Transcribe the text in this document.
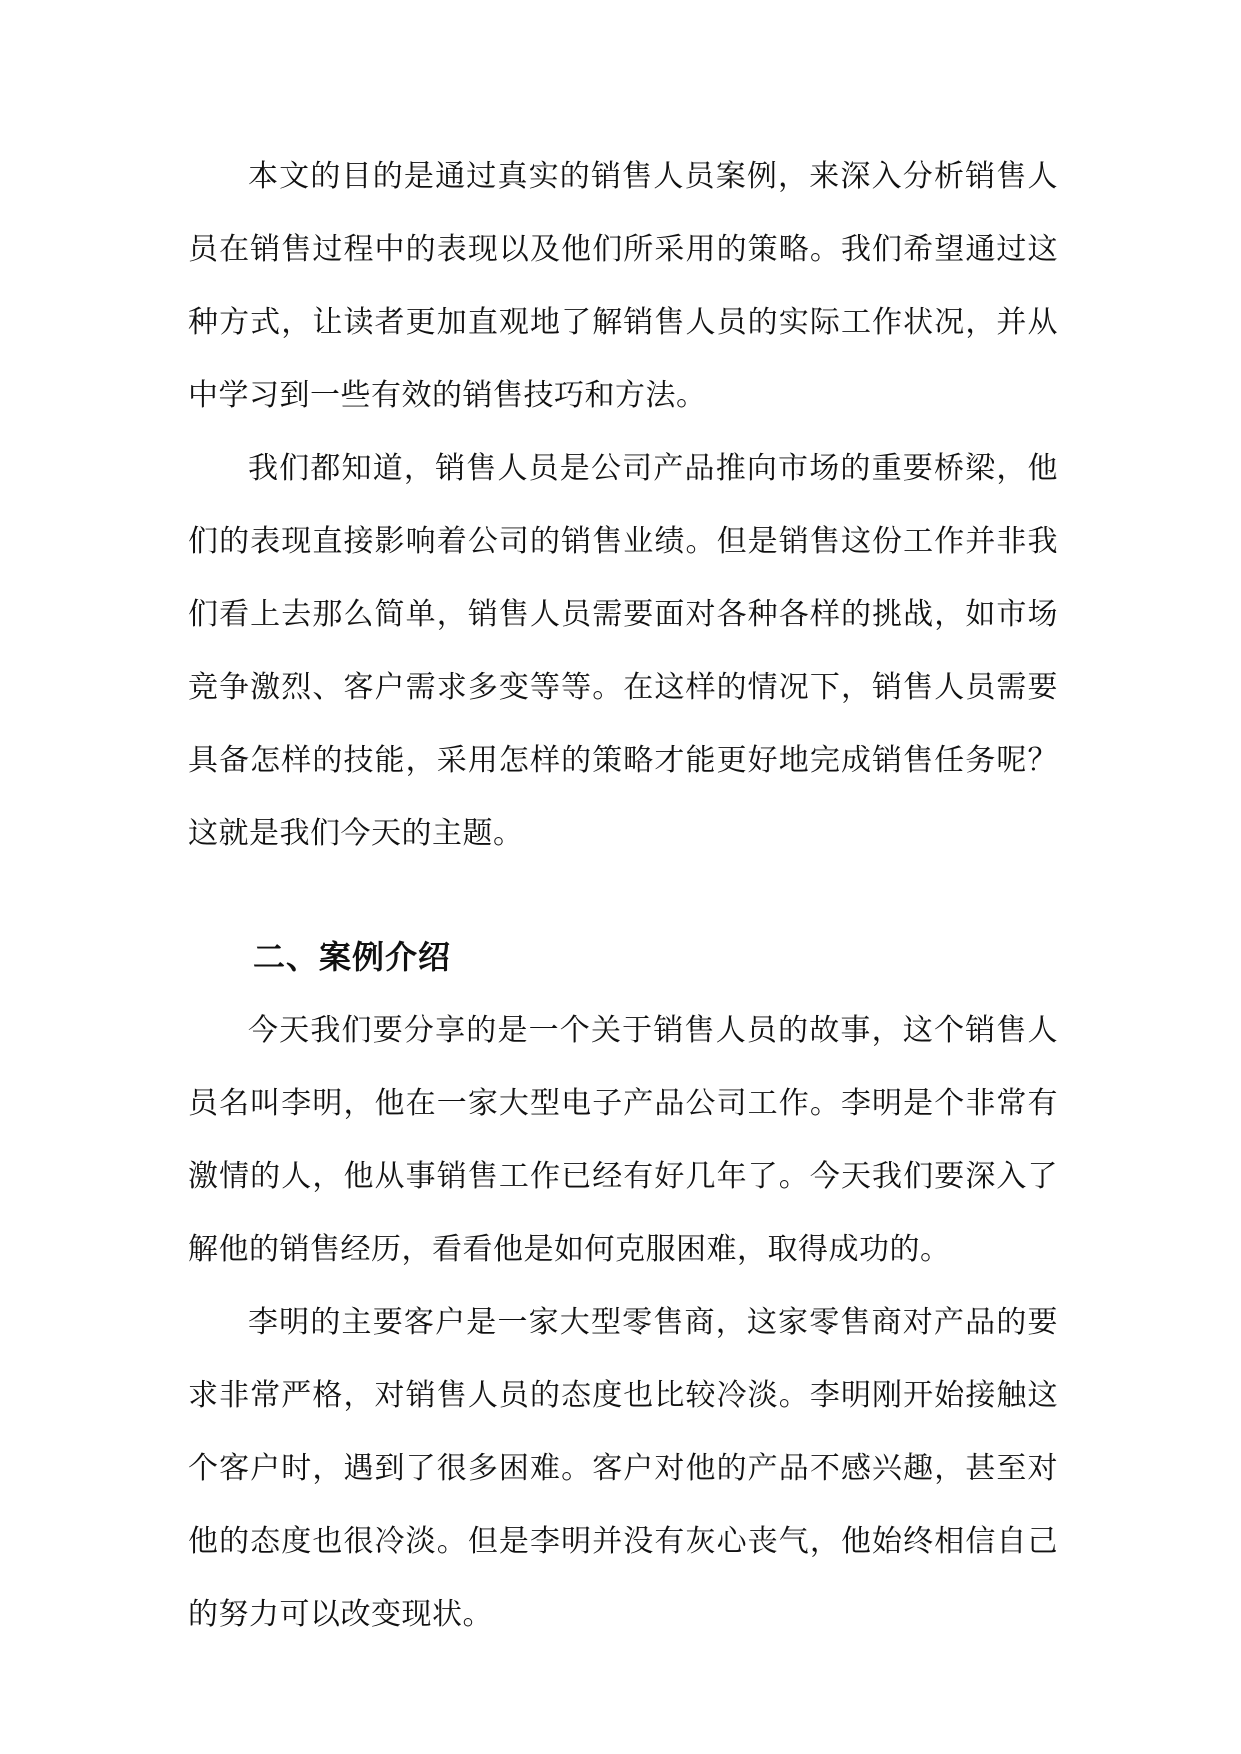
本文的目的是通过真实的销售人员案例，来深入分析销售人员在销售过程中的表现以及他们所采用的策略。我们希望通过这种方式，让读者更加直观地了解销售人员的实际工作状况，并从中学习到一些有效的销售技巧和方法。

我们都知道，销售人员是公司产品推向市场的重要桥梁，他们的表现直接影响着公司的销售业绩。但是销售这份工作并非我们看上去那么简单，销售人员需要面对各种各样的挑战，如市场竞争激烈、客户需求多变等等。在这样的情况下，销售人员需要具备怎样的技能，采用怎样的策略才能更好地完成销售任务呢？这就是我们今天的主题。

二、案例介绍

今天我们要分享的是一个关于销售人员的故事，这个销售人员名叫李明，他在一家大型电子产品公司工作。李明是个非常有激情的人，他从事销售工作已经有好几年了。今天我们要深入了解他的销售经历，看看他是如何克服困难，取得成功的。

李明的主要客户是一家大型零售商，这家零售商对产品的要求非常严格，对销售人员的态度也比较冷淡。李明刚开始接触这个客户时，遇到了很多困难。客户对他的产品不感兴趣，甚至对他的态度也很冷淡。但是李明并没有灰心丧气，他始终相信自己的努力可以改变现状。
